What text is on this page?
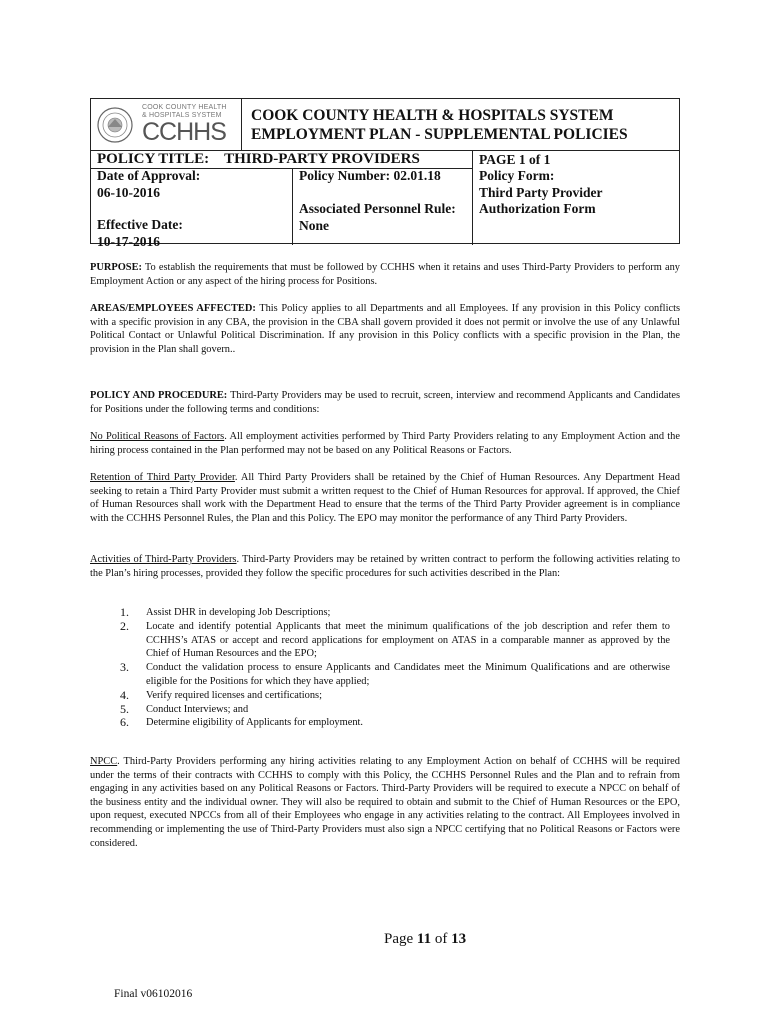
COOK COUNTY HEALTH
& HOSPITALS SYSTEM
CCHHS
COOK COUNTY HEALTH & HOSPITALS SYSTEM
EMPLOYMENT PLAN - SUPPLEMENTAL POLICIES
POLICY TITLE: THIRD-PARTY PROVIDERS	PAGE 1 of 1
Date of Approval:
06-10-2016
Effective Date:
10-17-2016
Policy Number: 02.01.18
Associated Personnel Rule:
None
Policy Form:
Third Party Provider
Authorization Form
PURPOSE: To establish the requirements that must be followed by CCHHS when it retains and uses Third-Party Providers to perform any Employment Action or any aspect of the hiring process for Positions.
AREAS/EMPLOYEES AFFECTED: This Policy applies to all Departments and all Employees. If any provision in this Policy conflicts with a specific provision in any CBA, the provision in the CBA shall govern provided it does not permit or involve the use of any Unlawful Political Contact or Unlawful Political Discrimination. If any provision in this Policy conflicts with a specific provision in the Plan, the provision in the Plan shall govern..
POLICY AND PROCEDURE: Third-Party Providers may be used to recruit, screen, interview and recommend Applicants and Candidates for Positions under the following terms and conditions:
No Political Reasons of Factors. All employment activities performed by Third Party Providers relating to any Employment Action and the hiring process contained in the Plan performed may not be based on any Political Reasons or Factors.
Retention of Third Party Provider. All Third Party Providers shall be retained by the Chief of Human Resources. Any Department Head seeking to retain a Third Party Provider must submit a written request to the Chief of Human Resources for approval. If approved, the Chief of Human Resources shall work with the Department Head to ensure that the terms of the Third Party Provider agreement is in compliance with the CCHHS Personnel Rules, the Plan and this Policy. The EPO may monitor the performance of any Third Party Providers.
Activities of Third-Party Providers. Third-Party Providers may be retained by written contract to perform the following activities relating to the Plan’s hiring processes, provided they follow the specific procedures for such activities described in the Plan:
1. Assist DHR in developing Job Descriptions;
2. Locate and identify potential Applicants that meet the minimum qualifications of the job description and refer them to CCHHS’s ATAS or accept and record applications for employment on ATAS in a comparable manner as approved by the Chief of Human Resources and the EPO;
3. Conduct the validation process to ensure Applicants and Candidates meet the Minimum Qualifications and are otherwise eligible for the Positions for which they have applied;
4. Verify required licenses and certifications;
5. Conduct Interviews; and
6. Determine eligibility of Applicants for employment.
NPCC. Third-Party Providers performing any hiring activities relating to any Employment Action on behalf of CCHHS will be required under the terms of their contracts with CCHHS to comply with this Policy, the CCHHS Personnel Rules and the Plan and to refrain from engaging in any activities based on any Political Reasons or Factors. Third-Party Providers will be required to execute a NPCC on behalf of the business entity and the individual owner. They will also be required to obtain and submit to the Chief of Human Resources or the EPO, upon request, executed NPCCs from all of their Employees who engage in any activities relating to the contract. All Employees involved in recommending or implementing the use of Third-Party Providers must also sign a NPCC certifying that no Political Reasons or Factors were considered.
Page 11 of 13
Final v06102016
